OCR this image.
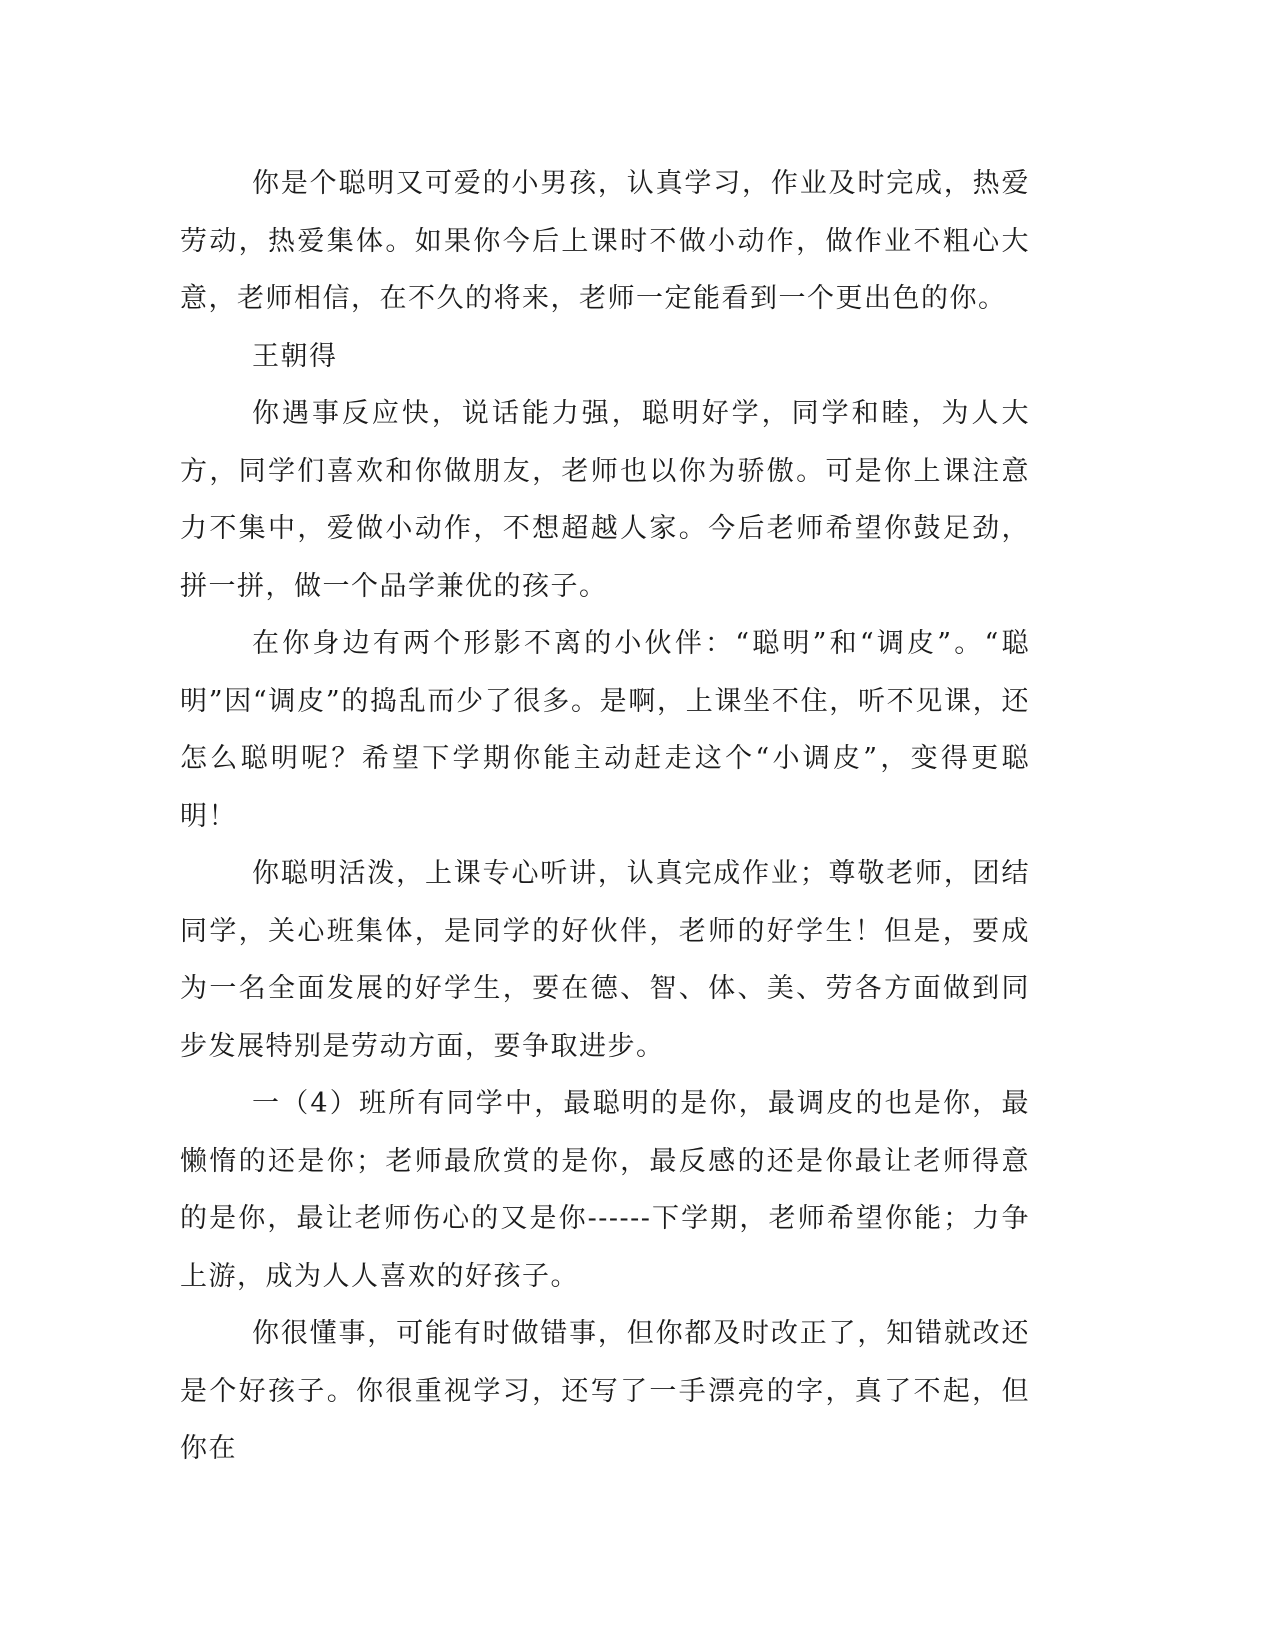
你是个聪明又可爱的小男孩，认真学习，作业及时完成，热爱劳动，热爱集体。如果你今后上课时不做小动作，做作业不粗心大意，老师相信，在不久的将来，老师一定能看到一个更出色的你。

王朝得

你遇事反应快，说话能力强，聪明好学，同学和睦，为人大方，同学们喜欢和你做朋友，老师也以你为骄傲。可是你上课注意力不集中，爱做小动作，不想超越人家。今后老师希望你鼓足劲，拼一拼，做一个品学兼优的孩子。

在你身边有两个形影不离的小伙伴：“聪明”和“调皮”。“聪明”因“调皮”的捣乱而少了很多。是啊，上课坐不住，听不见课，还怎么聪明呢？希望下学期你能主动赶走这个“小调皮”，变得更聪明！

你聪明活泼，上课专心听讲，认真完成作业；尊敬老师，团结同学，关心班集体，是同学的好伙伴，老师的好学生！但是，要成为一名全面发展的好学生，要在德、智、体、美、劳各方面做到同步发展特别是劳动方面，要争取进步。

一（4）班所有同学中，最聪明的是你，最调皮的也是你，最懒惰的还是你；老师最欣赏的是你，最反感的还是你最让老师得意的是你，最让老师伤心的又是你------下学期，老师希望你能；力争上游，成为人人喜欢的好孩子。

你很懂事，可能有时做错事，但你都及时改正了，知错就改还是个好孩子。你很重视学习，还写了一手漂亮的字，真了不起，但你在
